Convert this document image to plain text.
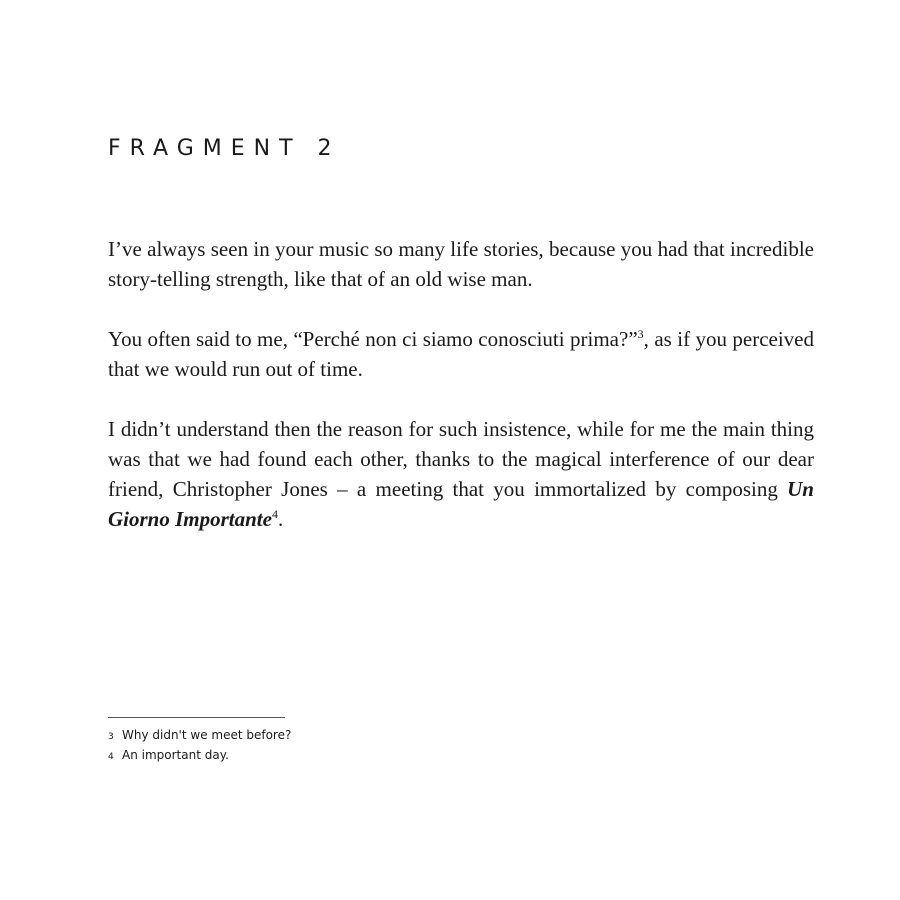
FRAGMENT 2

I’ve always seen in your music so many life stories, because you had that incredible story-telling strength, like that of an old wise man.

You often said to me, “Perché non ci siamo conosciuti prima?”$^3$, as if you perceived that we would run out of time.

I didn’t understand then the reason for such insistence, while for me the main thing was that we had found each other, thanks to the magical interference of our dear friend, Christopher Jones – a meeting that you immortalized by composing Un Giorno Importante$^4$.

3 Why didn't we meet before?
4 An important day.
